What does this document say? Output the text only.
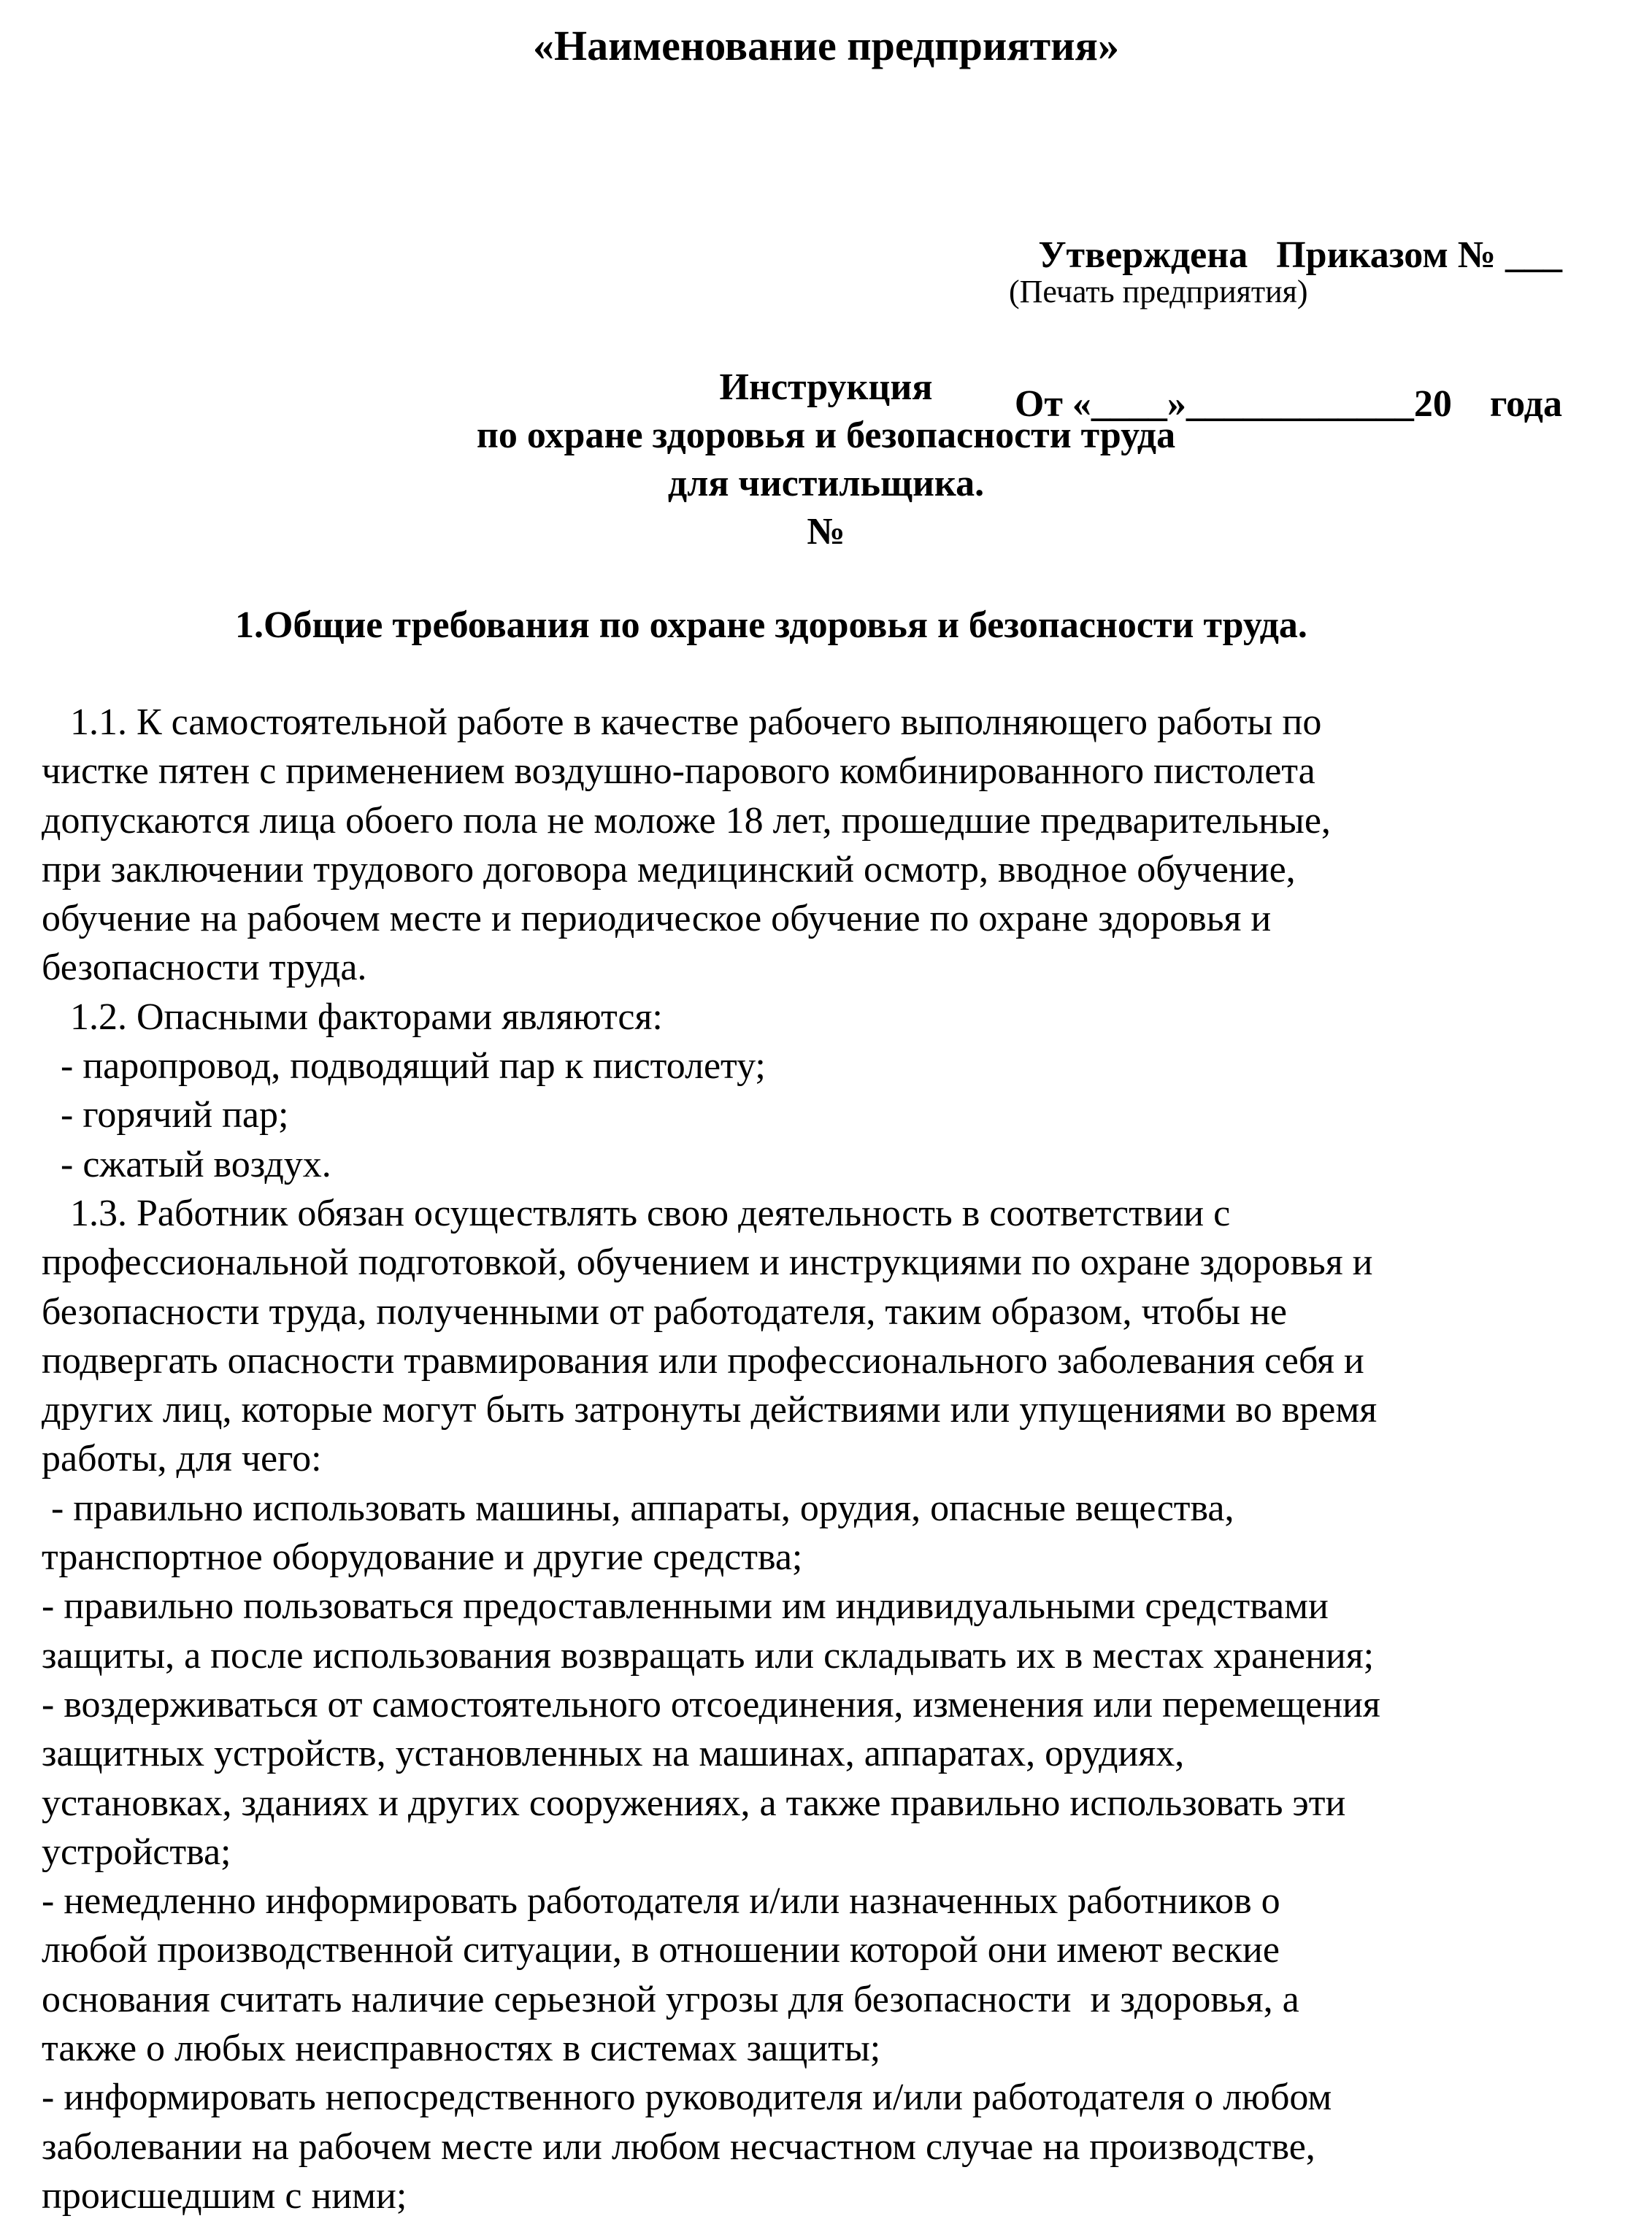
«Наименование предприятия»

Утверждена   Приказом № ___

От «____»____________20    года

(Печать предприятия)
Инструкция
по охране здоровья и безопасности труда
для чистильщика.
№
1.Общие требования по охране здоровья и безопасности труда.
1.1. К самостоятельной работе в качестве рабочего выполняющего работы по
чистке пятен с применением воздушно-парового комбинированного пистолета
допускаются лица обоего пола не моложе 18 лет, прошедшие предварительные,
при заключении трудового договора медицинский осмотр, вводное обучение,
обучение на рабочем месте и периодическое обучение по охране здоровья и
безопасности труда.
1.2. Опасными факторами являются:
- паропровод, подводящий пар к пистолету;
- горячий пар;
- сжатый воздух.
1.3. Работник обязан осуществлять свою деятельность в соответствии с
профессиональной подготовкой, обучением и инструкциями по охране здоровья и
безопасности труда, полученными от работодателя, таким образом, чтобы не
подвергать опасности травмирования или профессионального заболевания себя и
других лиц, которые могут быть затронуты действиями или упущениями во время
работы, для чего:
- правильно использовать машины, аппараты, орудия, опасные вещества,
транспортное оборудование и другие средства;
- правильно пользоваться предоставленными им индивидуальными средствами
защиты, а после использования возвращать или складывать их в местах хранения;
- воздерживаться от самостоятельного отсоединения, изменения или перемещения
защитных устройств, установленных на машинах, аппаратах, орудиях,
установках, зданиях и других сооружениях, а также правильно использовать эти
устройства;
- немедленно информировать работодателя и/или назначенных работников о
любой производственной ситуации, в отношении которой они имеют веские
основания считать наличие серьезной угрозы для безопасности  и здоровья, а
также о любых неисправностях в системах защиты;
- информировать непосредственного руководителя и/или работодателя о любом
заболевании на рабочем месте или любом несчастном случае на производстве,
происшедшим с ними;
